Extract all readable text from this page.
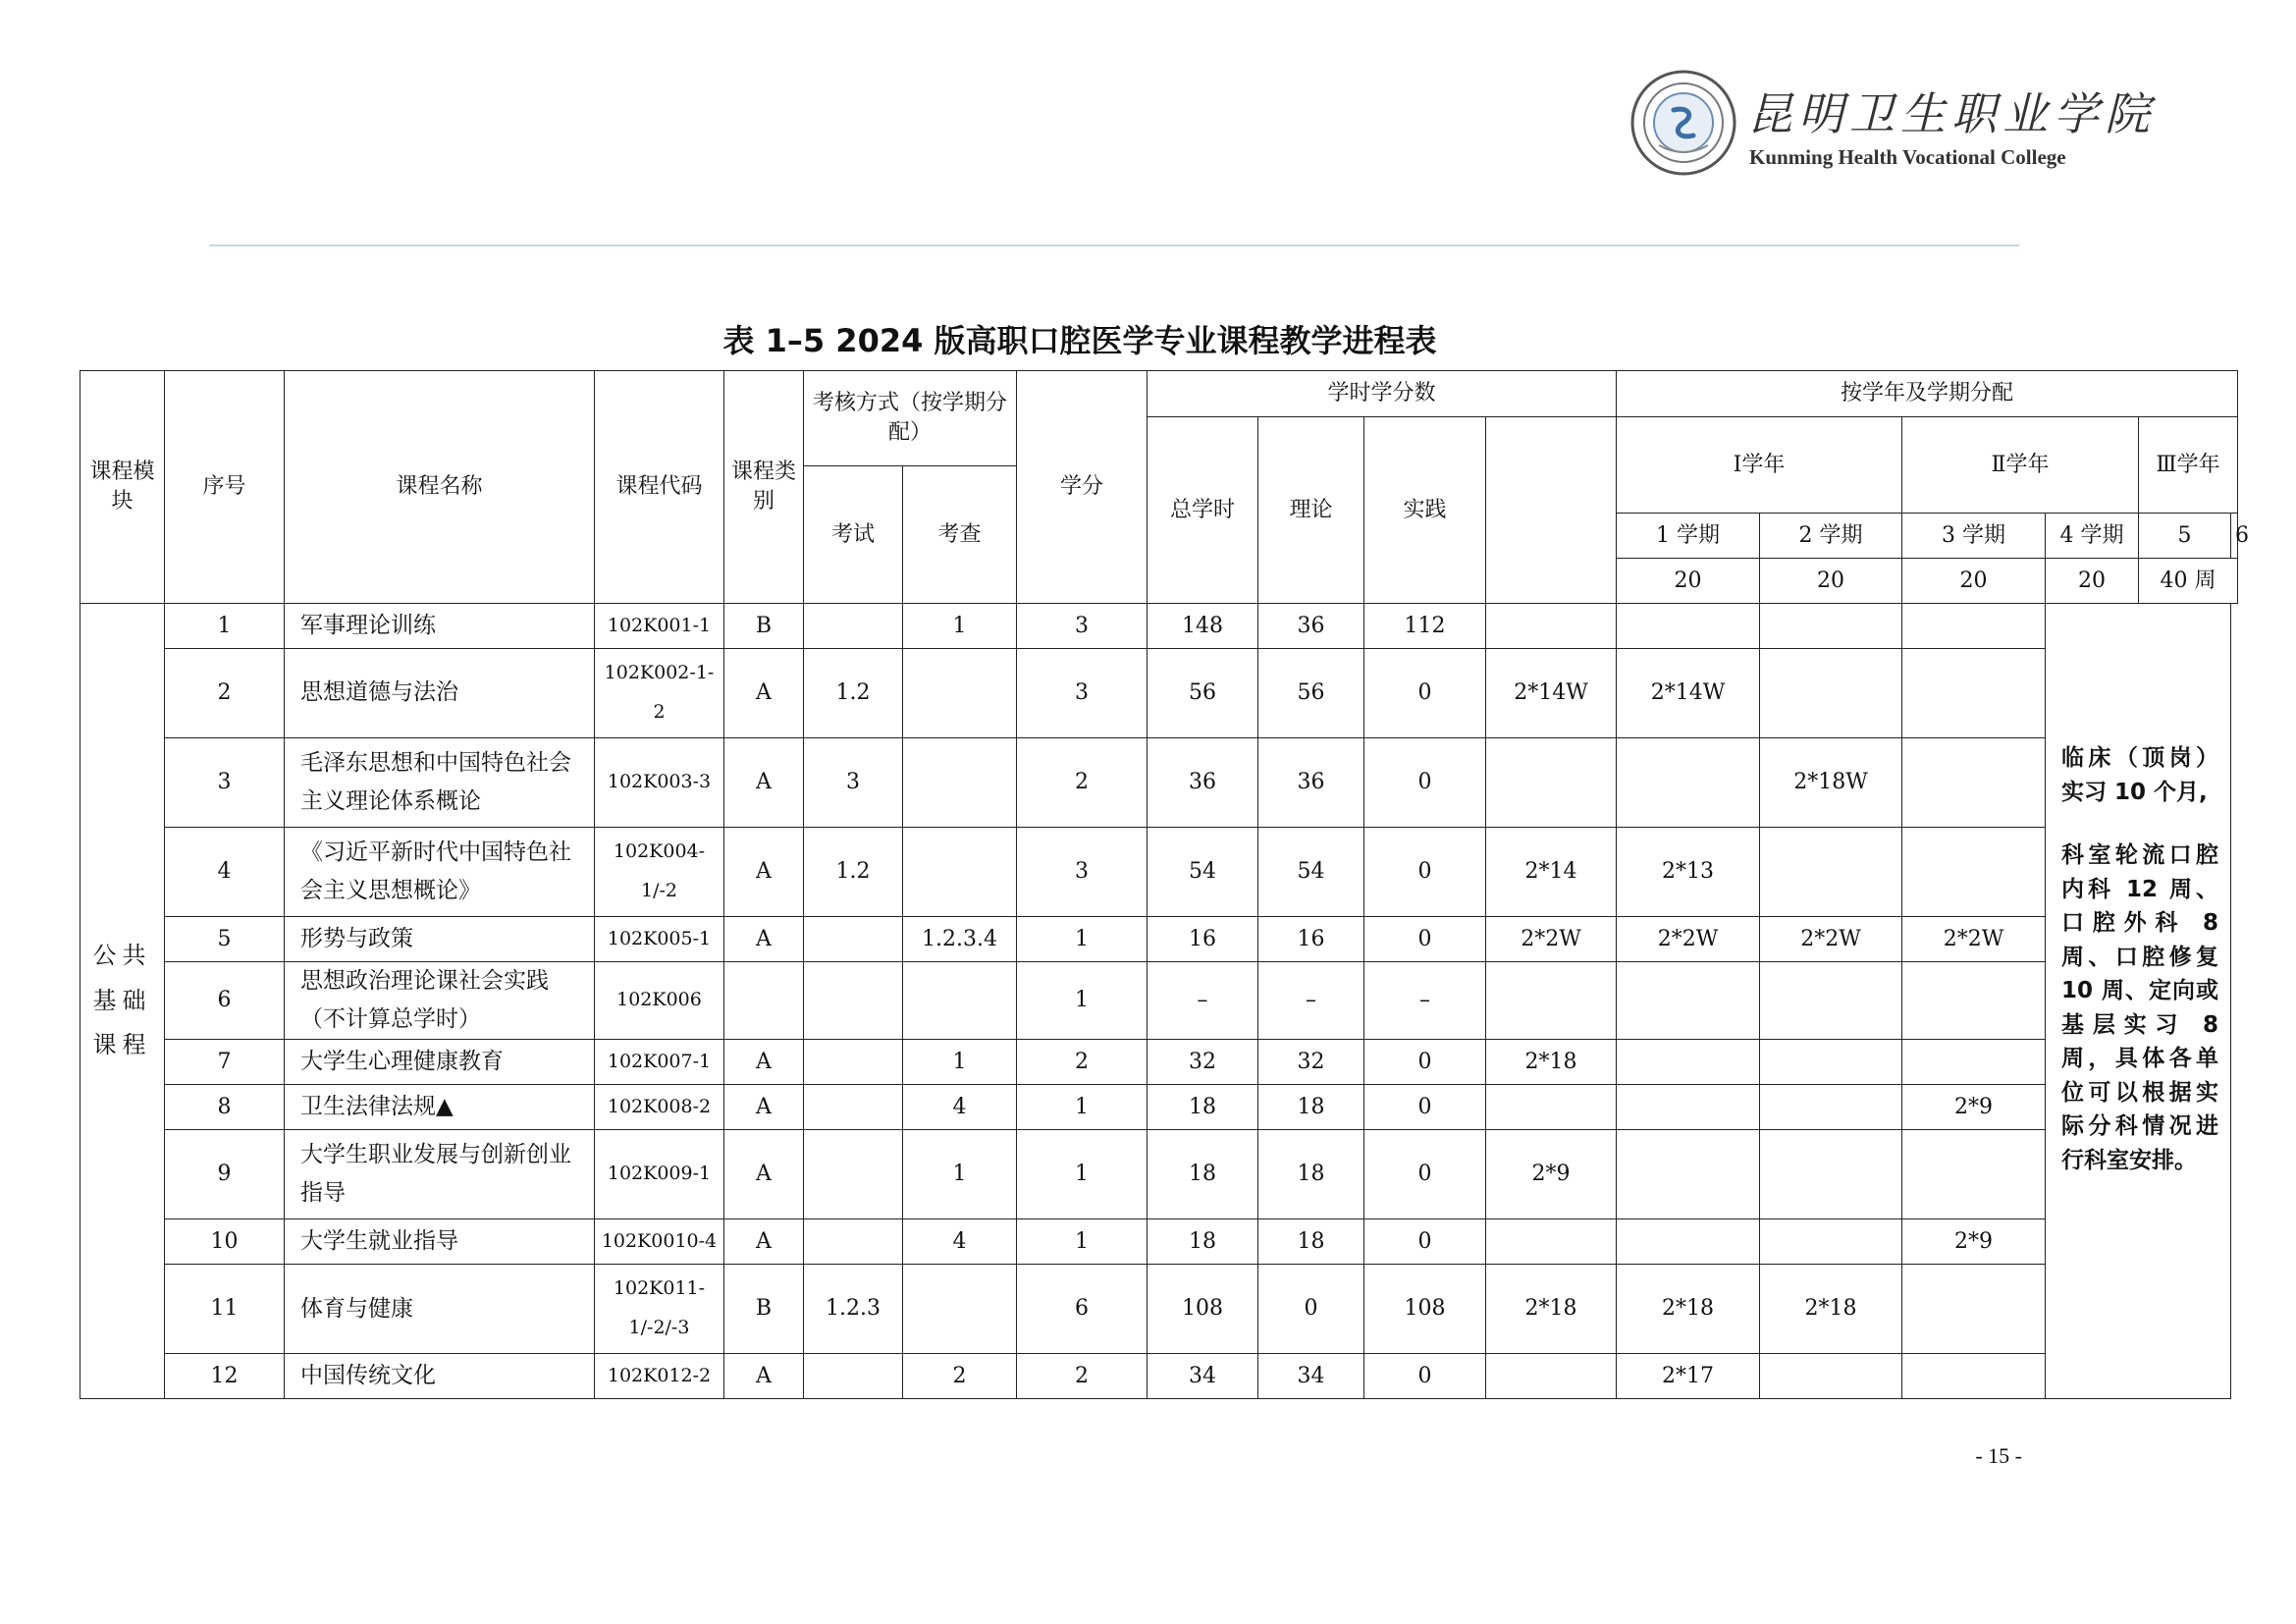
昆明卫生职业学院
Kunming Health Vocational College
表 1–5 2024 版高职口腔医学专业课程教学进程表
课程模块	序号	课程名称	课程代码	课程类别	考核方式（按学期分配）		学分	学时学分数				按学年及学期分配					
								总学时	理论	实践		Ⅰ学年		Ⅱ学年		Ⅲ学年	
					考试	考查											
												1 学期	2 学期	3 学期	4 学期	5	6
												20	20	20	20	40 周	
公共基础课程	1	军事理论训练	102K001-1	B		1	3	148	36	112					临床（顶岗）实习 10 个月,

科室轮流口腔内科 12 周、口腔外科 8 周、口腔修复 10 周、定向或基层实习 8 周，具体各单位可以根据实际分科情况进行科室安排。		

	2	思想道德与法治	102K002-1-2	A	1.2		3	56	56	0	2*14W	2*14W					
	3	毛泽东思想和中国特色社会主义理论体系概论	102K003-3	A	3		2	36	36	0			2*18W				
	4	《习近平新时代中国特色社会主义思想概论》	102K004-1/-2	A	1.2		3	54	54	0	2*14	2*13					
	5	形势与政策	102K005-1	A		1.2.3.4	1	16	16	0	2*2W	2*2W	2*2W	2*2W			
	6	思想政治理论课社会实践（不计算总学时）	102K006				1	–	–	–							
	7	大学生心理健康教育	102K007-1	A		1	2	32	32	0	2*18						
	8	卫生法律法规▲	102K008-2	A		4	1	18	18	0				2*9			
	9	大学生职业发展与创新创业指导	102K009-1	A		1	1	18	18	0	2*9						
	10	大学生就业指导	102K0010-4	A		4	1	18	18	0				2*9			
	11	体育与健康	102K011-1/-2/-3	B	1.2.3		6	108	0	108	2*18	2*18	2*18				
	12	中国传统文化	102K012-2	A		2	2	34	34	0		2*17					
- 15 -
